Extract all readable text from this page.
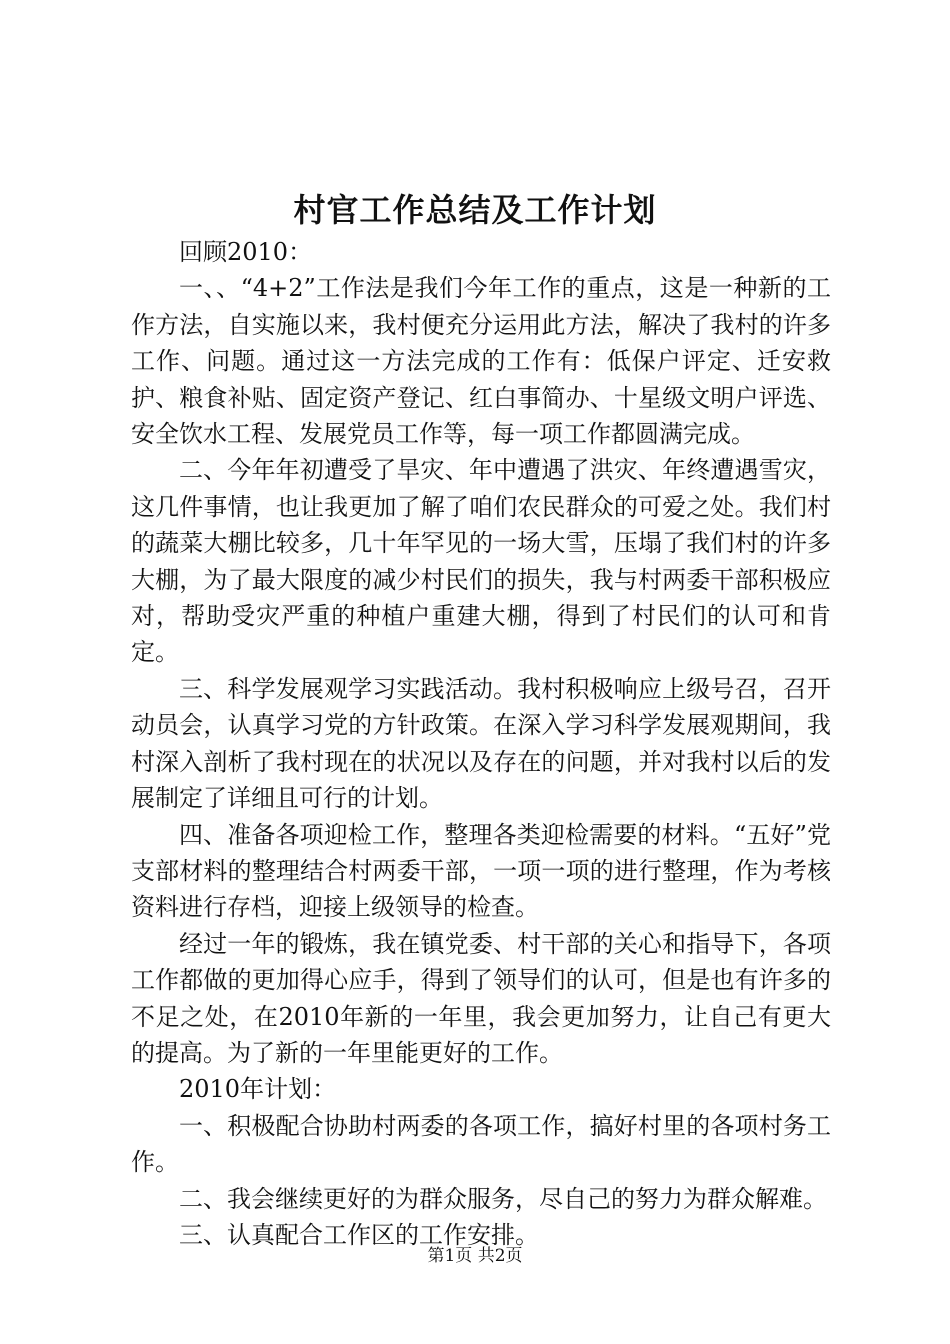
村官工作总结及工作计划

回顾2010：

一、、“4+2”工作法是我们今年工作的重点，这是一种新的工作方法，自实施以来，我村便充分运用此方法，解决了我村的许多工作、问题。通过这一方法完成的工作有：低保户评定、迁安救护、粮食补贴、固定资产登记、红白事简办、十星级文明户评选、安全饮水工程、发展党员工作等，每一项工作都圆满完成。

二、今年年初遭受了旱灾、年中遭遇了洪灾、年终遭遇雪灾，这几件事情，也让我更加了解了咱们农民群众的可爱之处。我们村的蔬菜大棚比较多，几十年罕见的一场大雪，压塌了我们村的许多大棚，为了最大限度的减少村民们的损失，我与村两委干部积极应对，帮助受灾严重的种植户重建大棚，得到了村民们的认可和肯定。

三、科学发展观学习实践活动。我村积极响应上级号召，召开动员会，认真学习党的方针政策。在深入学习科学发展观期间，我村深入剖析了我村现在的状况以及存在的问题，并对我村以后的发展制定了详细且可行的计划。

四、准备各项迎检工作，整理各类迎检需要的材料。“五好”党支部材料的整理结合村两委干部，一项一项的进行整理，作为考核资料进行存档，迎接上级领导的检查。

经过一年的锻炼，我在镇党委、村干部的关心和指导下，各项工作都做的更加得心应手，得到了领导们的认可，但是也有许多的不足之处，在2010年新的一年里，我会更加努力，让自己有更大的提高。为了新的一年里能更好的工作。

2010年计划：

一、积极配合协助村两委的各项工作，搞好村里的各项村务工作。

二、我会继续更好的为群众服务，尽自己的努力为群众解难。

三、认真配合工作区的工作安排。

第1页 共2页
